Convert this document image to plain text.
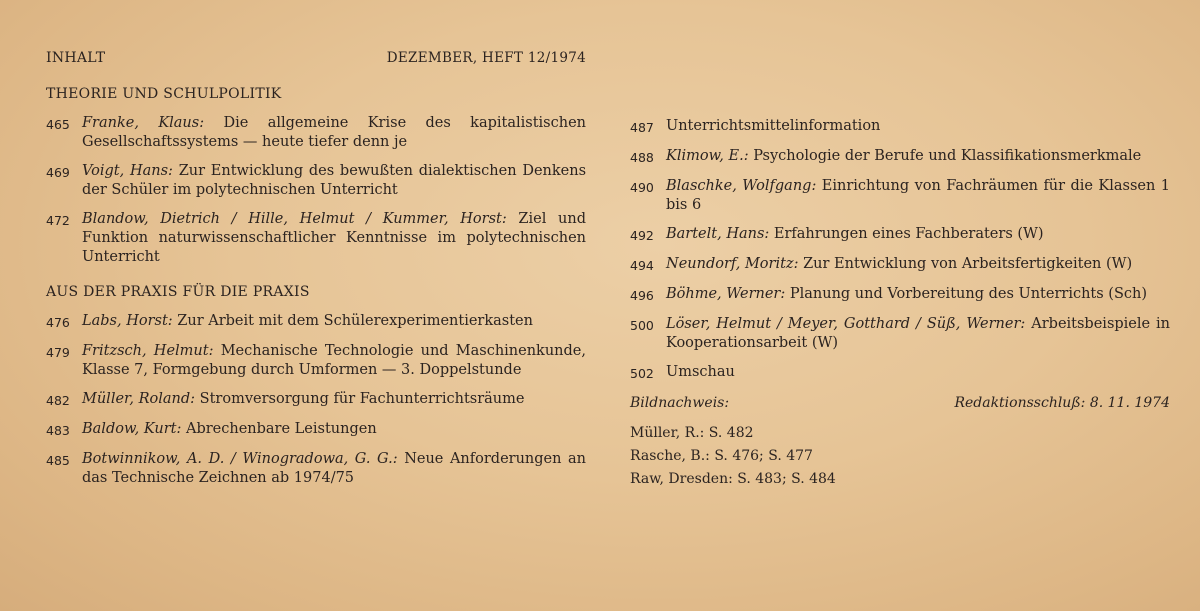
INHALT	DEZEMBER, HEFT 12/1974
THEORIE UND SCHULPOLITIK
465 Franke, Klaus: Die allgemeine Krise des kapitalistischen Gesellschaftssystems — heute tiefer denn je
469 Voigt, Hans: Zur Entwicklung des bewußten dialektischen Denkens der Schüler im polytechnischen Unterricht
472 Blandow, Dietrich / Hille, Helmut / Kummer, Horst: Ziel und Funktion naturwissenschaftlicher Kenntnisse im polytechnischen Unterricht
AUS DER PRAXIS FÜR DIE PRAXIS
476 Labs, Horst: Zur Arbeit mit dem Schülerexperimentierkasten
479 Fritzsch, Helmut: Mechanische Technologie und Maschinenkunde, Klasse 7, Formgebung durch Umformen — 3. Doppelstunde
482 Müller, Roland: Stromversorgung für Fachunterrichtsräume
483 Baldow, Kurt: Abrechenbare Leistungen
485 Botwinnikow, A. D. / Winogradowa, G. G.: Neue Anforderungen an das Technische Zeichnen ab 1974/75
487 Unterrichtsmittelinformation
488 Klimow, E.: Psychologie der Berufe und Klassifikationsmerkmale
490 Blaschke, Wolfgang: Einrichtung von Fachräumen für die Klassen 1 bis 6
492 Bartelt, Hans: Erfahrungen eines Fachberaters (W)
494 Neundorf, Moritz: Zur Entwicklung von Arbeitsfertigkeiten (W)
496 Böhme, Werner: Planung und Vorbereitung des Unterrichts (Sch)
500 Löser, Helmut / Meyer, Gotthard / Süß, Werner: Arbeitsbeispiele in Kooperationsarbeit (W)
502 Umschau
Bildnachweis:	Redaktionsschluß: 8. 11. 1974
Müller, R.: S. 482
Rasche, B.: S. 476; S. 477
Raw, Dresden: S. 483; S. 484
